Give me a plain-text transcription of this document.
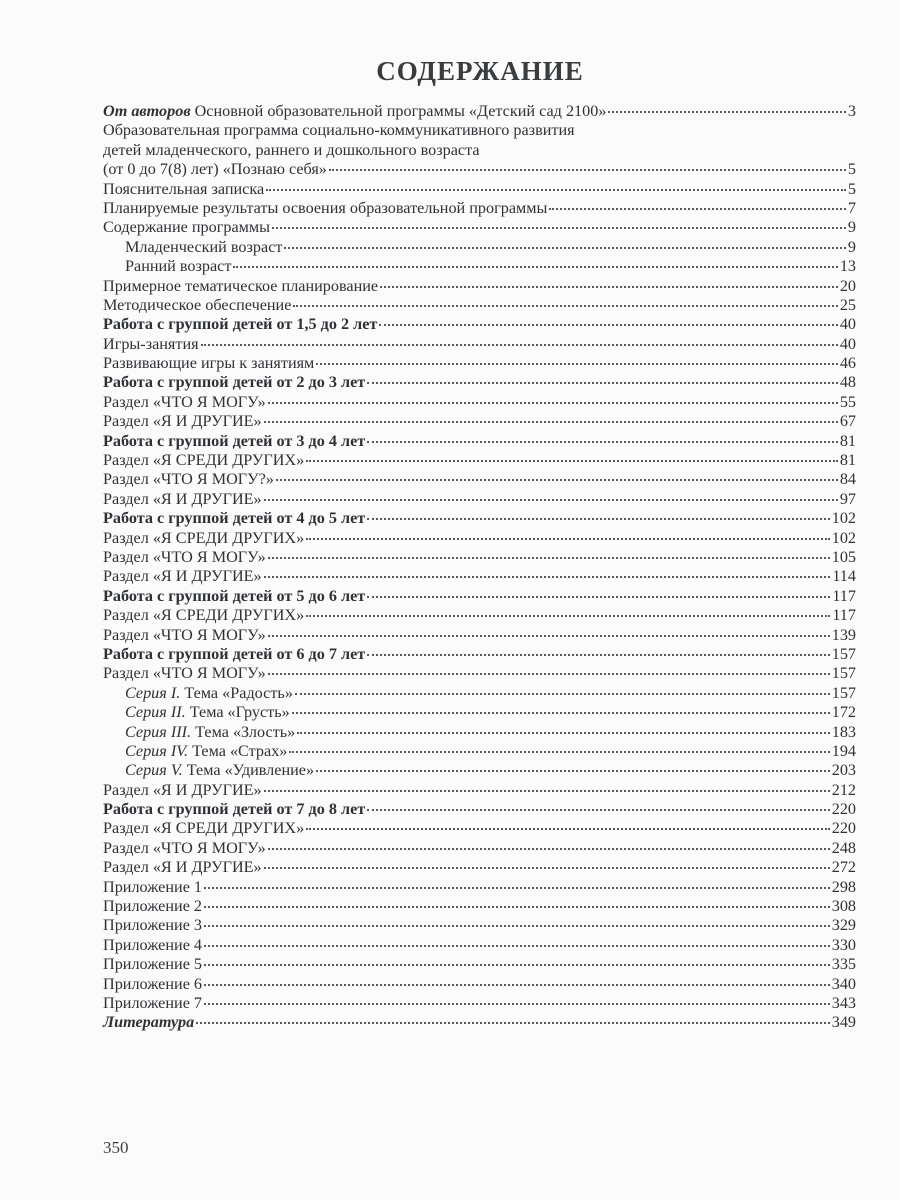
СОДЕРЖАНИЕ
От авторов Основной образовательной программы «Детский сад 2100»	3
Образовательная программа социально-коммуникативного развития
детей младенческого, раннего и дошкольного возраста
(от 0 до 7(8) лет) «Познаю себя»	5
Пояснительная записка	5
Планируемые результаты освоения образовательной программы	7
Содержание программы	9
Младенческий возраст	9
Ранний возраст	13
Примерное тематическое планирование	20
Методическое обеспечение	25
Работа с группой детей от 1,5 до 2 лет	40
Игры-занятия	40
Развивающие игры к занятиям	46
Работа с группой детей от 2 до 3 лет	48
Раздел «ЧТО Я МОГУ»	55
Раздел «Я И ДРУГИЕ»	67
Работа с группой детей от 3 до 4 лет	81
Раздел «Я СРЕДИ ДРУГИХ»	81
Раздел «ЧТО Я МОГУ?»	84
Раздел «Я И ДРУГИЕ»	97
Работа с группой детей от 4 до 5 лет	102
Раздел «Я СРЕДИ ДРУГИХ»	102
Раздел «ЧТО Я МОГУ»	105
Раздел «Я И ДРУГИЕ»	114
Работа с группой детей от 5 до 6 лет	117
Раздел «Я СРЕДИ ДРУГИХ»	117
Раздел «ЧТО Я МОГУ»	139
Работа с группой детей от 6 до 7 лет	157
Раздел «ЧТО Я МОГУ»	157
Серия I. Тема «Радость»	157
Серия II. Тема «Грусть»	172
Серия III. Тема «Злость»	183
Серия IV. Тема «Страх»	194
Серия V. Тема «Удивление»	203
Раздел «Я И ДРУГИЕ»	212
Работа с группой детей от 7 до 8 лет	220
Раздел «Я СРЕДИ ДРУГИХ»	220
Раздел «ЧТО Я МОГУ»	248
Раздел «Я И ДРУГИЕ»	272
Приложение 1	298
Приложение 2	308
Приложение 3	329
Приложение 4	330
Приложение 5	335
Приложение 6	340
Приложение 7	343
Литература	349
350
